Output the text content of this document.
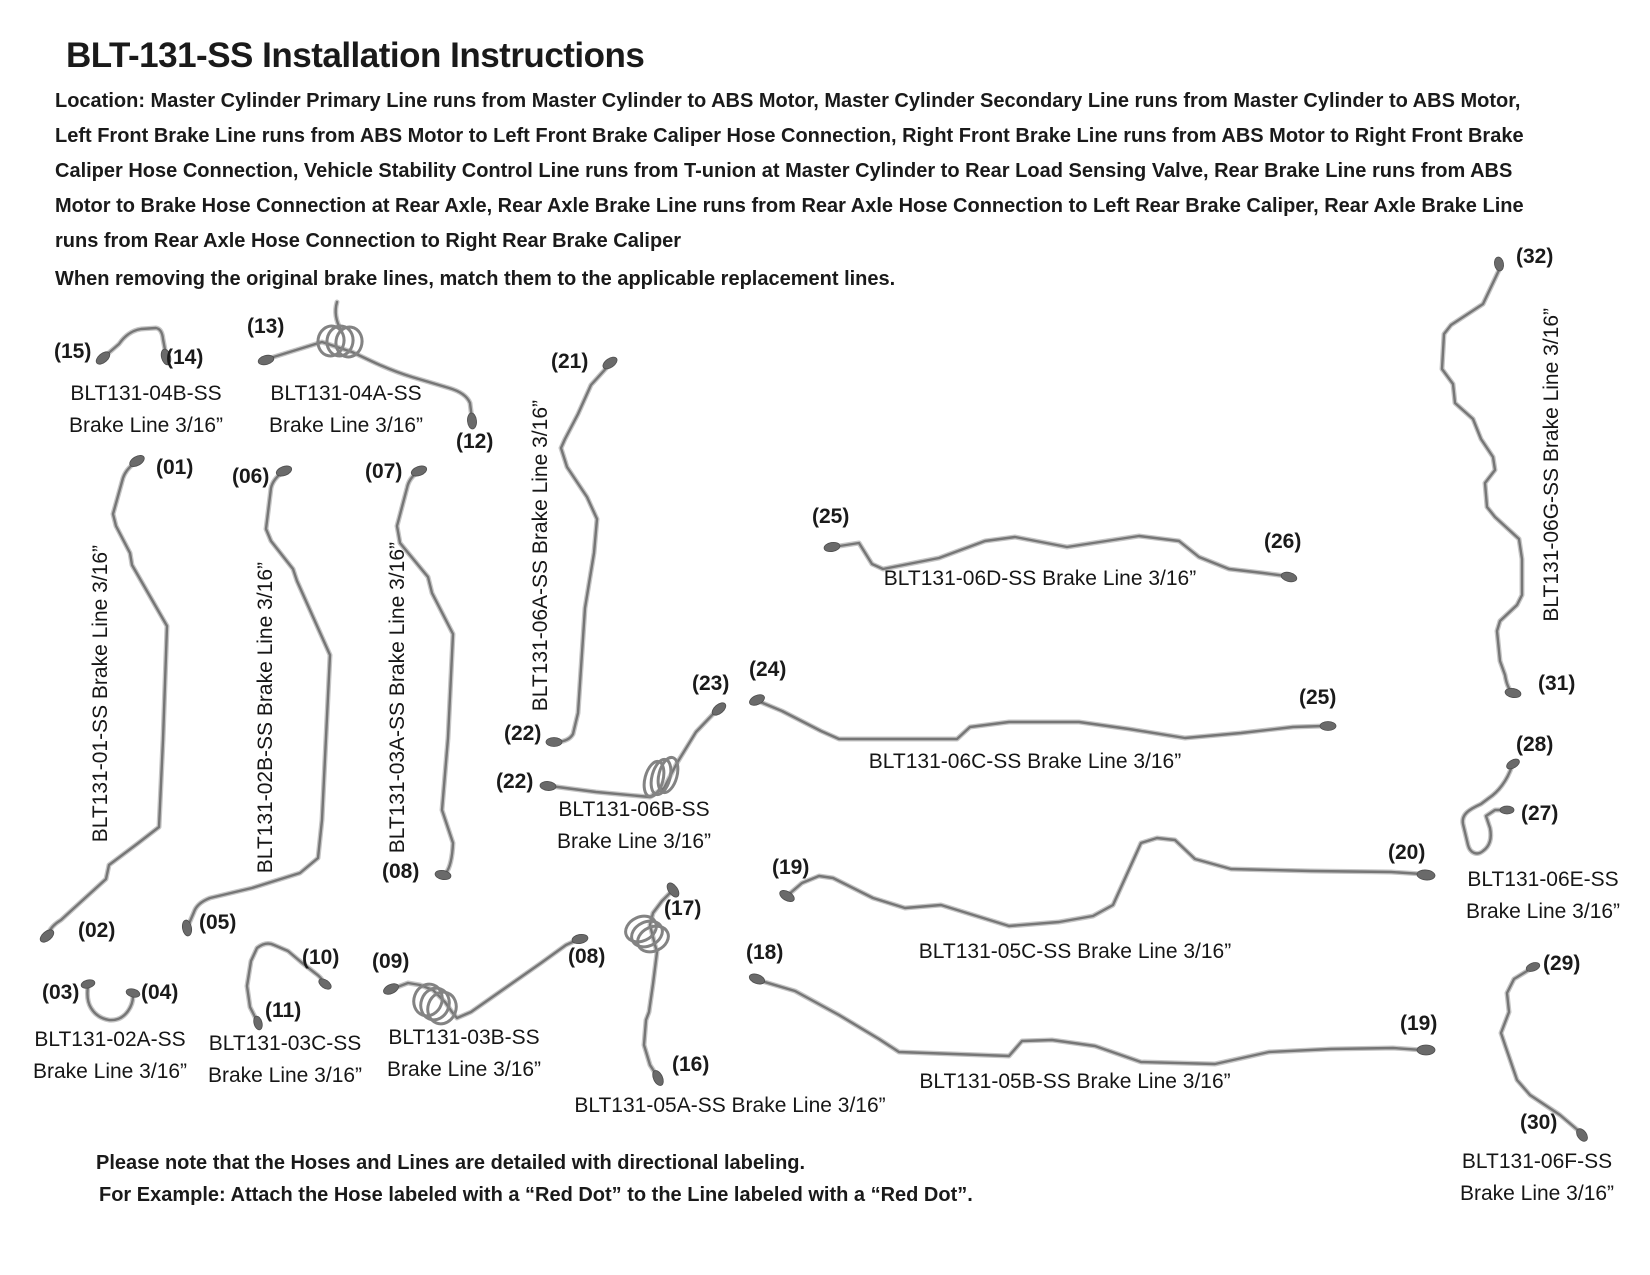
BLT-131-SS Installation Instructions
Location: Master Cylinder Primary Line runs from Master Cylinder to ABS Motor, Master Cylinder Secondary Line runs from Master Cylinder to ABS Motor, Left Front Brake Line runs from ABS Motor to Left Front Brake Caliper Hose Connection, Right Front Brake Line runs from ABS Motor to Right Front Brake Caliper Hose Connection, Vehicle Stability Control Line runs from T-union at Master Cylinder to Rear Load Sensing Valve, Rear Brake Line runs from ABS Motor to Brake Hose Connection at Rear Axle, Rear Axle Brake Line runs from Rear Axle Hose Connection to Left Rear Brake Caliper, Rear Axle Brake Line runs from Rear Axle Hose Connection to Right Rear Brake Caliper
When removing the original brake lines, match them to the applicable replacement lines.
(15)	(14)
(13)
(12)
(21)
(22)
(01)
(02)
(06)
(05)
(07)
(08)
(25)
(26)
(24)
(25)
(22)
(23)
(32)
(31)
(28)
(27)
(19)
(20)
(17)
(16)
(18)
(19)
(29)
(30)
(03)	(04)
(10)
(11)
(09)	(08)
BLT131-04B-SS
Brake Line 3/16”
BLT131-04A-SS
Brake Line 3/16”
BLT131-06D-SS Brake Line 3/16”
BLT131-06C-SS Brake Line 3/16”
BLT131-06B-SS
Brake Line 3/16”
BLT131-06E-SS
Brake Line 3/16”
BLT131-05C-SS Brake Line 3/16”
BLT131-05A-SS Brake Line 3/16”
BLT131-05B-SS Brake Line 3/16”
BLT131-06F-SS
Brake Line 3/16”
BLT131-02A-SS
Brake Line 3/16”
BLT131-03C-SS
Brake Line 3/16”
BLT131-03B-SS
Brake Line 3/16”
BLT131-06A-SS Brake Line 3/16”
BLT131-01-SS Brake Line 3/16”	BLT131-02B-SS Brake Line 3/16”	BLT131-03A-SS Brake Line 3/16”
BLT131-06G-SS Brake Line 3/16”
Please note that the Hoses and Lines are detailed with directional labeling.
For Example: Attach the Hose labeled with a “Red Dot” to the Line labeled with a “Red Dot”.
